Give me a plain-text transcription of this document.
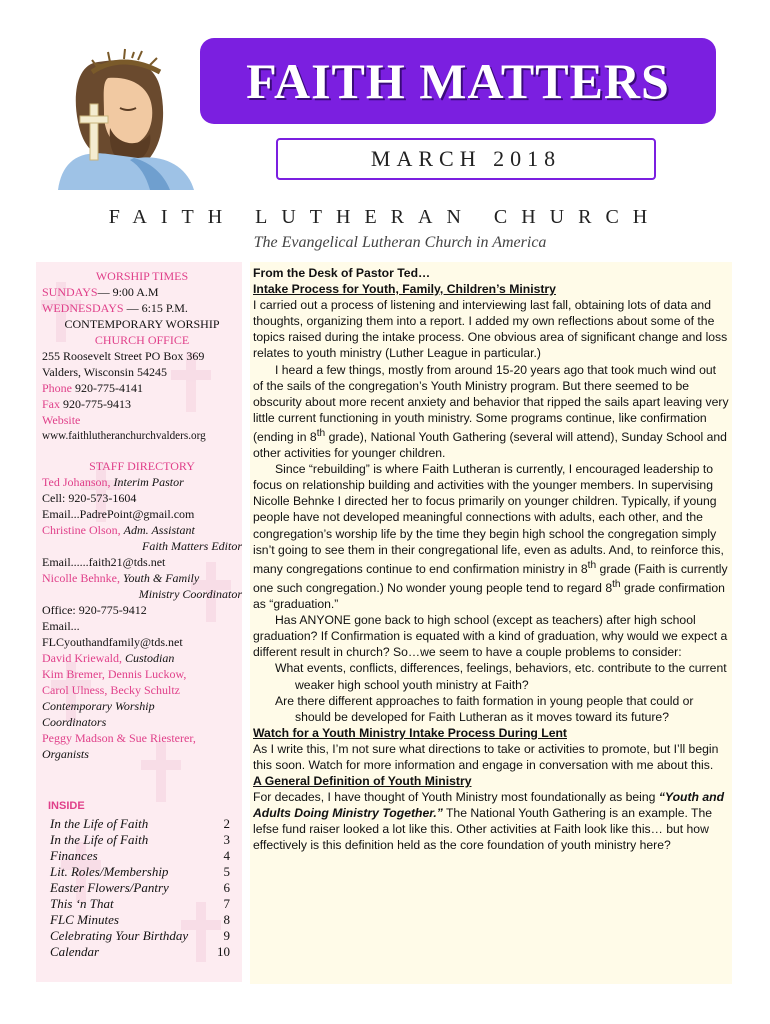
FAITH MATTERS
MARCH 2018
FAITH LUTHERAN CHURCH
The Evangelical Lutheran Church in America
WORSHIP TIMES
SUNDAYS— 9:00 A.M
WEDNESDAYS — 6:15 P.M.
CONTEMPORARY WORSHIP
CHURCH OFFICE
255 Roosevelt Street PO Box 369
Valders, Wisconsin 54245
Phone 920-775-4141
Fax 920-775-9413
Website
www.faithlutheranchurchvalders.org
STAFF DIRECTORY
Ted Johanson, Interim Pastor
Cell: 920-573-1604
Email...PadrePoint@gmail.com
Christine Olson, Adm. Assistant
Faith Matters Editor
Email......faith21@tds.net
Nicolle Behnke, Youth & Family
Ministry Coordinator
Office: 920-775-9412
Email...
FLCyouthandfamily@tds.net
David Kriewald, Custodian
Kim Bremer, Dennis Luckow,
Carol Ulness, Becky Schultz
Contemporary Worship
Coordinators
Peggy Madson & Sue Riesterer,
Organists
INSIDE
In the Life of Faith	2
In the Life of Faith	3
Finances	4
Lit. Roles/Membership	5
Easter Flowers/Pantry	6
This ‘n That	7
FLC Minutes	8
Celebrating Your Birthday	9
Calendar	10

From the Desk of Pastor Ted…

Intake Process for Youth, Family, Children’s Ministry

I carried out a process of listening and interviewing last fall, obtaining lots of data and thoughts, organizing them into a report. I added my own reflections about some of the topics raised during the intake process. One obvious area of significant change and loss relates to youth ministry (Luther League in particular.)

I heard a few things, mostly from around 15-20 years ago that took much wind out of the sails of the congregation’s Youth Ministry program. But there seemed to be obscurity about more recent anxiety and behavior that ripped the sails apart leaving very little current functioning in youth ministry. Some programs continue, like confirmation (ending in 8th grade), National Youth Gathering (several will attend), Sunday School and other activities for younger children.

Since “rebuilding” is where Faith Lutheran is currently, I encouraged leadership to focus on relationship building and activities with the younger members. In supervising Nicolle Behnke I directed her to focus primarily on younger children. Typically, if young people have not developed meaningful connections with adults, each other, and the congregation’s worship life by the time they begin high school the congregation simply isn’t going to see them in their congregational life, even as adults. And, to reinforce this, many congregations continue to end confirmation ministry in 8th grade (Faith is currently one such congregation.) No wonder young people tend to regard 8th grade confirmation as “graduation.”

Has ANYONE gone back to high school (except as teachers) after high school graduation? If Confirmation is equated with a kind of graduation, why would we expect a different result in church? So…we seem to have a couple problems to consider:

What events, conflicts, differences, feelings, behaviors, etc. contribute to the current weaker high school youth ministry at Faith?

Are there different approaches to faith formation in young people that could or should be developed for Faith Lutheran as it moves toward its future?

Watch for a Youth Ministry Intake Process During Lent

As I write this, I’m not sure what directions to take or activities to promote, but I’ll begin this soon. Watch for more information and engage in conversation with me about this.

A General Definition of Youth Ministry

For decades, I have thought of Youth Ministry most foundationally as being “Youth and Adults Doing Ministry Together.” The National Youth Gathering is an example. The lefse fund raiser looked a lot like this. Other activities at Faith look like this… but how effectively is this definition held as the core foundation of youth ministry here?
